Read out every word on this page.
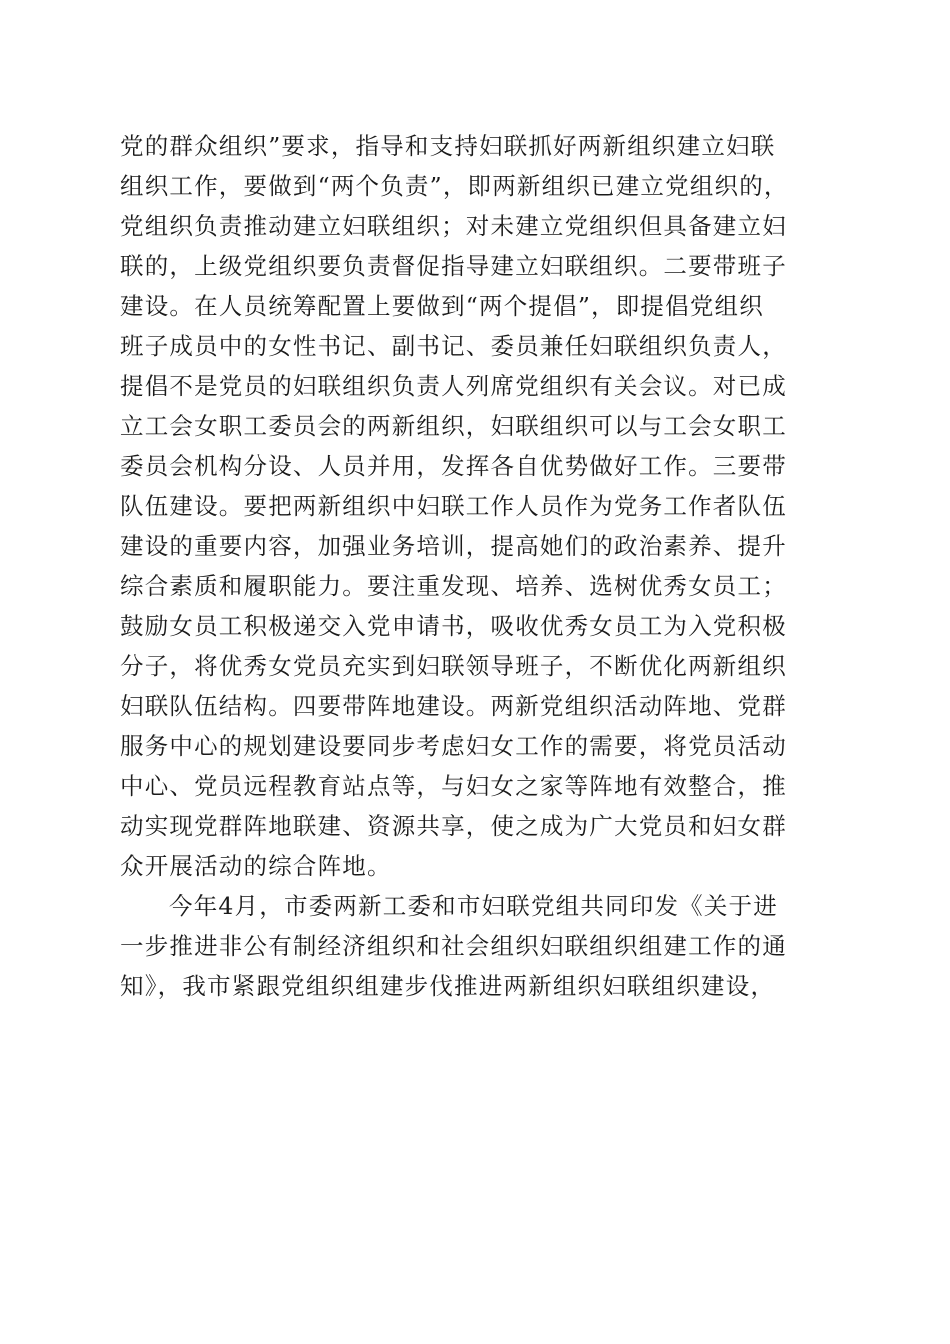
党的群众组织”要求，指导和支持妇联抓好两新组织建立妇联
组织工作，要做到“两个负责”，即两新组织已建立党组织的，
党组织负责推动建立妇联组织；对未建立党组织但具备建立妇
联的，上级党组织要负责督促指导建立妇联组织。二要带班子
建设。在人员统筹配置上要做到“两个提倡”，即提倡党组织
班子成员中的女性书记、副书记、委员兼任妇联组织负责人，
提倡不是党员的妇联组织负责人列席党组织有关会议。对已成
立工会女职工委员会的两新组织，妇联组织可以与工会女职工
委员会机构分设、人员并用，发挥各自优势做好工作。三要带
队伍建设。要把两新组织中妇联工作人员作为党务工作者队伍
建设的重要内容，加强业务培训，提高她们的政治素养、提升
综合素质和履职能力。要注重发现、培养、选树优秀女员工；
鼓励女员工积极递交入党申请书，吸收优秀女员工为入党积极
分子，将优秀女党员充实到妇联领导班子，不断优化两新组织
妇联队伍结构。四要带阵地建设。两新党组织活动阵地、党群
服务中心的规划建设要同步考虑妇女工作的需要，将党员活动
中心、党员远程教育站点等，与妇女之家等阵地有效整合，推
动实现党群阵地联建、资源共享，使之成为广大党员和妇女群
众开展活动的综合阵地。
今年4月，市委两新工委和市妇联党组共同印发《关于进
一步推进非公有制经济组织和社会组织妇联组织组建工作的通
知》，我市紧跟党组织组建步伐推进两新组织妇联组织建设，
